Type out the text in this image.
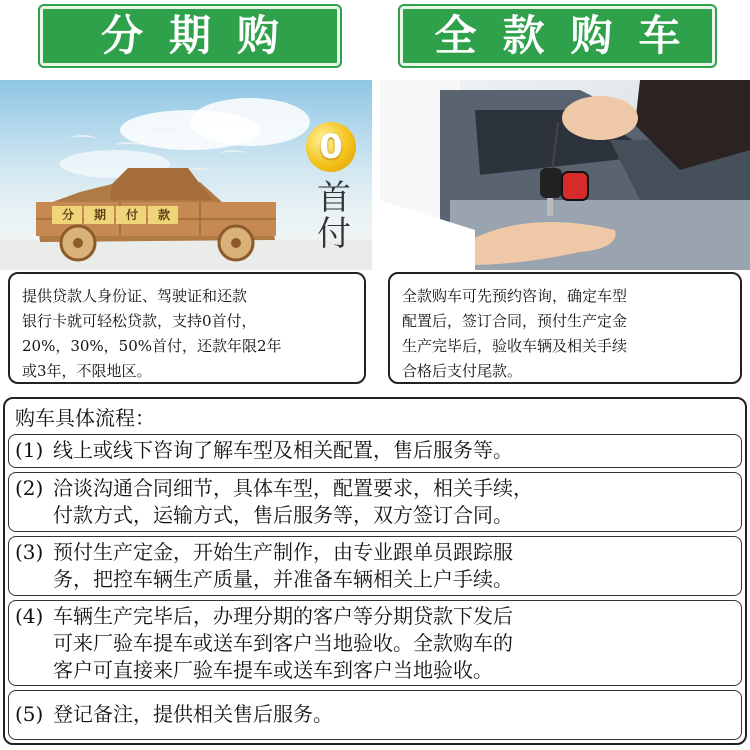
分期购	全款购车
分	期	付	款
0
首
付
提供贷款人身份证、驾驶证和还款
银行卡就可轻松贷款，支持0首付，
20%，30%，50%首付，还款年限2年
或3年，不限地区。
全款购车可先预约咨询，确定车型
配置后，签订合同，预付生产定金
生产完毕后，验收车辆及相关手续
合格后支付尾款。
购车具体流程：
(1) 线上或线下咨询了解车型及相关配置，售后服务等。
(2) 洽谈沟通合同细节，具体车型，配置要求，相关手续，
付款方式，运输方式，售后服务等，双方签订合同。
(3) 预付生产定金，开始生产制作，由专业跟单员跟踪服
务，把控车辆生产质量，并准备车辆相关上户手续。
(4) 车辆生产完毕后，办理分期的客户等分期贷款下发后
可来厂验车提车或送车到客户当地验收。全款购车的
客户可直接来厂验车提车或送车到客户当地验收。
(5) 登记备注，提供相关售后服务。
